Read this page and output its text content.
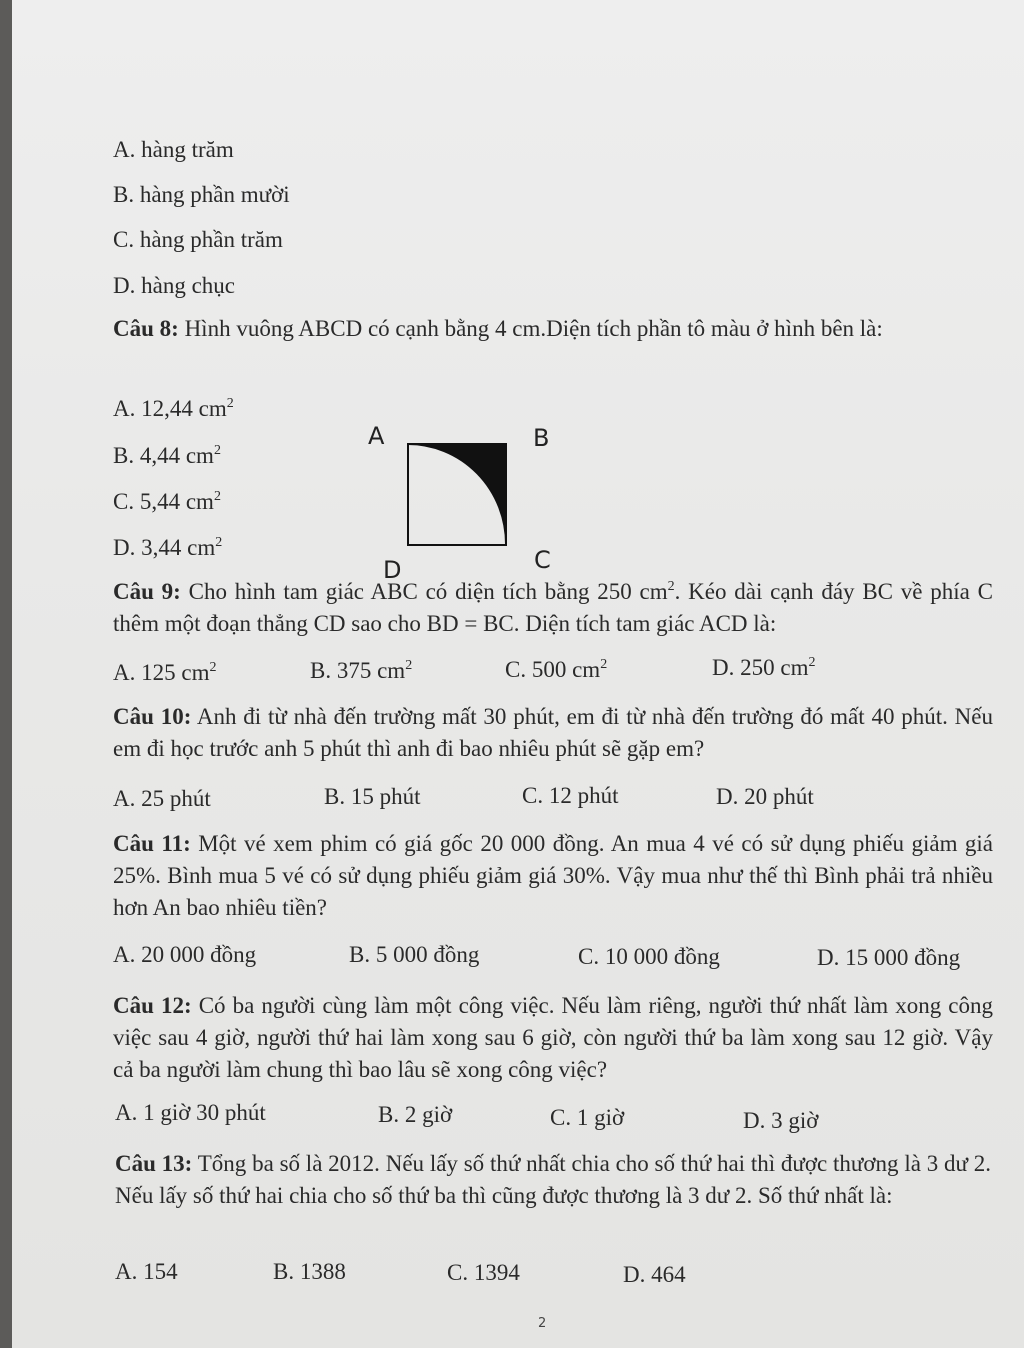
A. hàng trăm
B. hàng phần mười
C. hàng phần trăm
D. hàng chục
Câu 8: Hình vuông ABCD có cạnh bằng 4 cm.Diện tích phần tô màu ở hình bên là:
A. 12,44 $cm^2$
B. 4,44 $cm^2$
C. 5,44 $cm^2$
D. 3,44 $cm^2$
A	B
C
D
Câu 9: Cho hình tam giác ABC có diện tích bằng 250 $cm^2$. Kéo dài cạnh đáy BC về phía C thêm một đoạn thẳng CD sao cho BD = BC. Diện tích tam giác ACD là:
A. 125 $cm^2$	B. 375 $cm^2$	C. 500 $cm^2$	D. 250 $cm^2$
Câu 10: Anh đi từ nhà đến trường mất 30 phút, em đi từ nhà đến trường đó mất 40 phút. Nếu em đi học trước anh 5 phút thì anh đi bao nhiêu phút sẽ gặp em?
A. 25 phút	B. 15 phút	C. 12 phút	D. 20 phút
Câu 11: Một vé xem phim có giá gốc 20 000 đồng. An mua 4 vé có sử dụng phiếu giảm giá 25%. Bình mua 5 vé có sử dụng phiếu giảm giá 30%. Vậy mua như thế thì Bình phải trả nhiều hơn An bao nhiêu tiền?
A. 20 000 đồng	B. 5 000 đồng	C. 10 000 đồng	D. 15 000 đồng
Câu 12: Có ba người cùng làm một công việc. Nếu làm riêng, người thứ nhất làm xong công việc sau 4 giờ, người thứ hai làm xong sau 6 giờ, còn người thứ ba làm xong sau 12 giờ. Vậy cả ba người làm chung thì bao lâu sẽ xong công việc?
A. 1 giờ 30 phút	B. 2 giờ	C. 1 giờ	D. 3 giờ
Câu 13: Tổng ba số là 2012. Nếu lấy số thứ nhất chia cho số thứ hai thì được thương là 3 dư 2. Nếu lấy số thứ hai chia cho số thứ ba thì cũng được thương là 3 dư 2. Số thứ nhất là:
A. 154	B. 1388	C. 1394	D. 464
2
